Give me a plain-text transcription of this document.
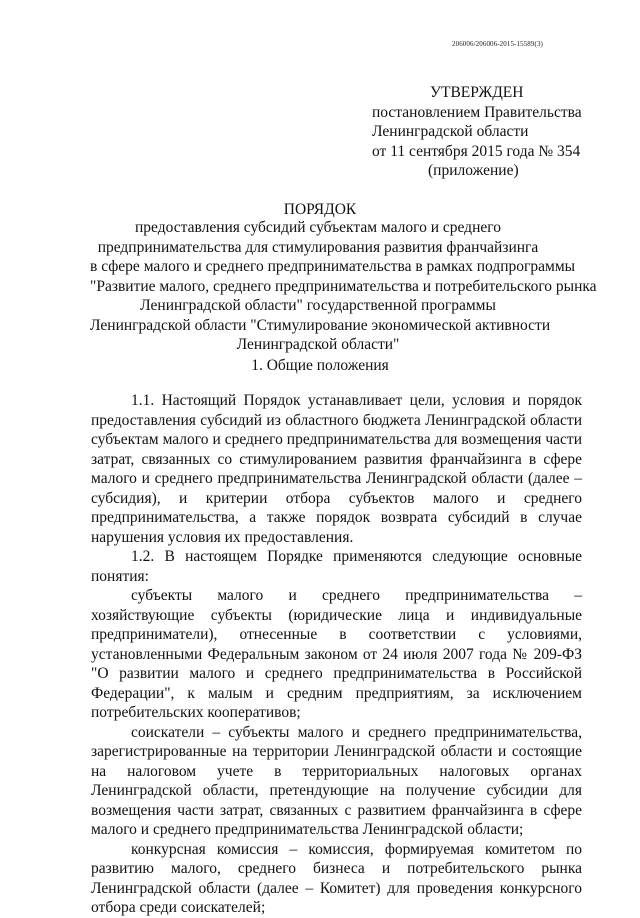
206006/206006-2015-15589(3)
УТВЕРЖДЕН
постановлением Правительства
Ленинградской области
от 11 сентября 2015 года № 354
(приложение)
ПОРЯДОК
предоставления субсидий субъектам малого и среднего
предпринимательства для стимулирования развития франчайзинга
в сфере малого и среднего предпринимательства в рамках подпрограммы
"Развитие малого, среднего предпринимательства и потребительского рынка
Ленинградской области" государственной программы
Ленинградской области "Стимулирование экономической активности
Ленинградской области"
1. Общие положения

1.1. Настоящий Порядок устанавливает цели, условия и порядок предоставления субсидий из областного бюджета Ленинградской области субъектам малого и среднего предпринимательства для возмещения части затрат, связанных со стимулированием развития франчайзинга в сфере малого и среднего предпринимательства Ленинградской области (далее – субсидия), и критерии отбора субъектов малого и среднего предпринимательства, а также порядок возврата субсидий в случае нарушения условия их предоставления.

1.2. В настоящем Порядке применяются следующие основные понятия:

субъекты малого и среднего предпринимательства – хозяйствующие субъекты (юридические лица и индивидуальные предприниматели), отнесенные в соответствии с условиями, установленными Федеральным законом от 24 июля 2007 года № 209-ФЗ "О развитии малого и среднего предпринимательства в Российской Федерации", к малым и средним предприятиям, за исключением потребительских кооперативов;

соискатели – субъекты малого и среднего предпринимательства, зарегистрированные на территории Ленинградской области и состоящие на налоговом учете в территориальных налоговых органах Ленинградской области, претендующие на получение субсидии для возмещения части затрат, связанных с развитием франчайзинга в сфере малого и среднего предпринимательства Ленинградской области;

конкурсная комиссия – комиссия, формируемая комитетом по развитию малого, среднего бизнеса и потребительского рынка Ленинградской области (далее – Комитет) для проведения конкурсного отбора среди соискателей;
